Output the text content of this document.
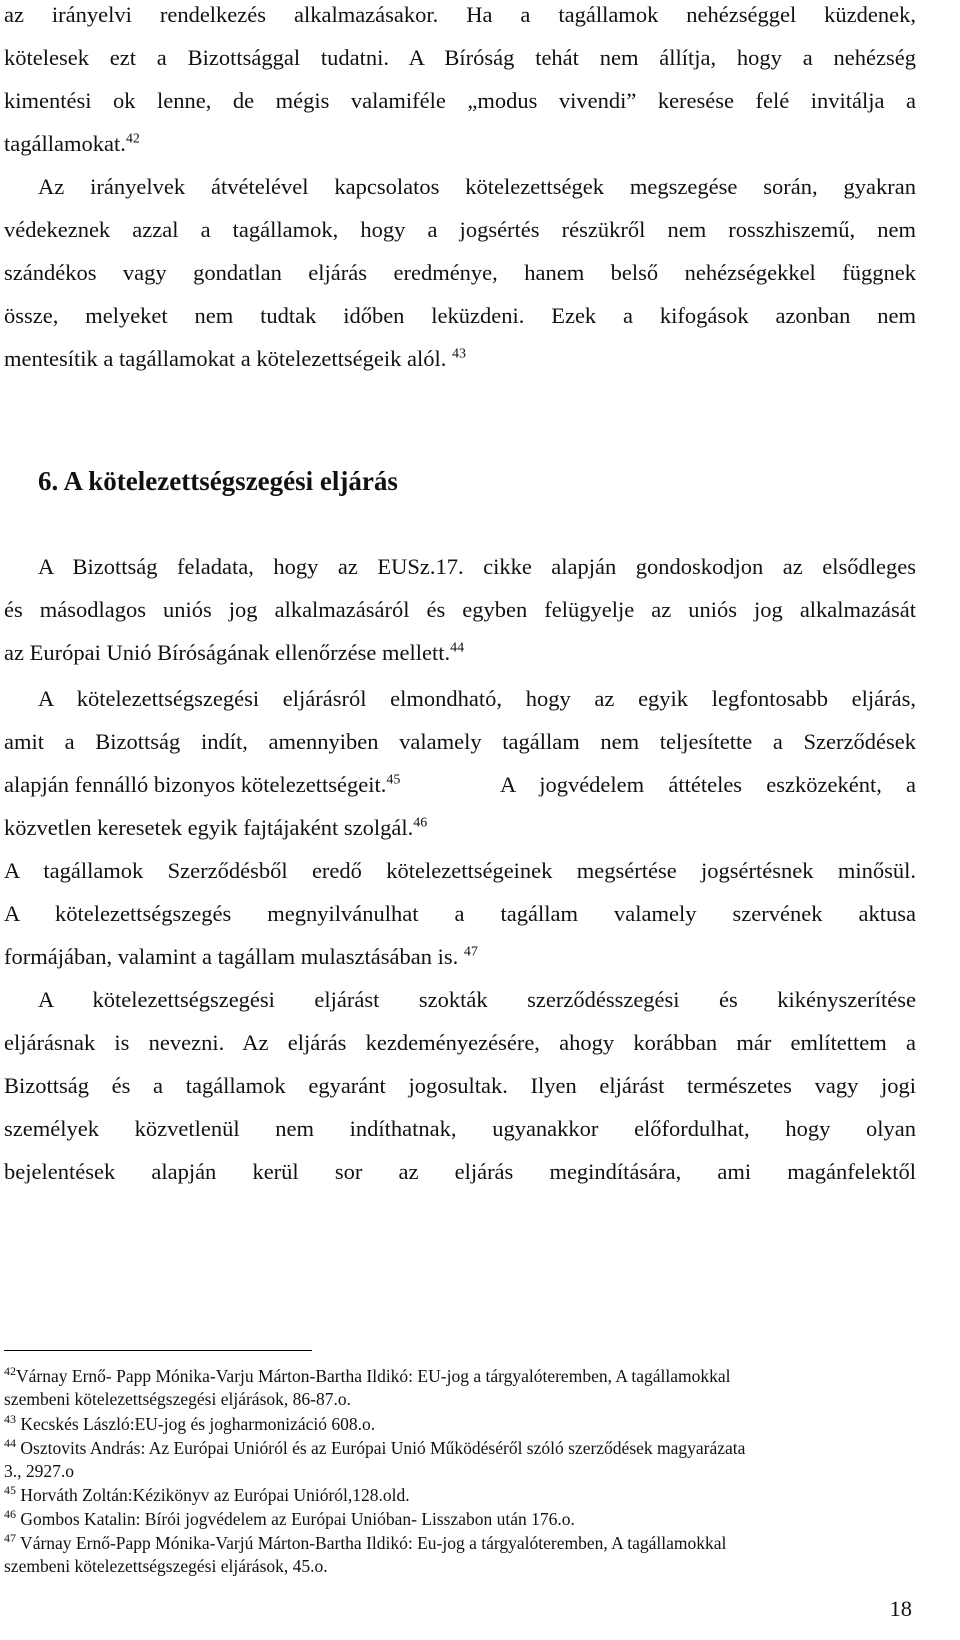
az irányelvi rendelkezés alkalmazásakor. Ha a tagállamok nehézséggel küzdenek,
kötelesek ezt a Bizottsággal tudatni. A Bíróság tehát nem állítja, hogy a nehézség
kimentési ok lenne, de mégis valamiféle „modus vivendi” keresése felé invitálja a
tagállamokat.$^{42}$
Az irányelvek átvételével kapcsolatos kötelezettségek megszegése során, gyakran
védekeznek azzal a tagállamok, hogy a jogsértés részükről nem rosszhiszemű, nem
szándékos vagy gondatlan eljárás eredménye, hanem belső nehézségekkel függnek
össze, melyeket nem tudtak időben leküzdeni. Ezek a kifogások azonban nem
mentesítik a tagállamokat a kötelezettségeik alól. $^{43}$
6. A kötelezettségszegési eljárás
A Bizottság feladata, hogy az EUSz.17. cikke alapján gondoskodjon az elsődleges
és másodlagos uniós jog alkalmazásáról és egyben felügyelje az uniós jog alkalmazását
az Európai Unió Bíróságának ellenőrzése mellett.$^{44}$
A kötelezettségszegési eljárásról elmondható, hogy az egyik legfontosabb eljárás,
amit a Bizottság indít, amennyiben valamely tagállam nem teljesítette a Szerződések
alapján fennálló bizonyos kötelezettségeit.$^{45}$	A jogvédelem áttételes eszközeként, a
közvetlen keresetek egyik fajtájaként szolgál.$^{46}$
A tagállamok Szerződésből eredő kötelezettségeinek megsértése jogsértésnek minősül.
A kötelezettségszegés megnyilvánulhat a tagállam valamely szervének aktusa
formájában, valamint a tagállam mulasztásában is. $^{47}$
A kötelezettségszegési eljárást szokták szerződésszegési és kikényszerítése
eljárásnak is nevezni. Az eljárás kezdeményezésére, ahogy korábban már említettem a
Bizottság és a tagállamok egyaránt jogosultak. Ilyen eljárást természetes vagy jogi
személyek közvetlenül nem indíthatnak, ugyanakkor előfordulhat, hogy olyan
bejelentések alapján kerül sor az eljárás megindítására, ami magánfelektől
$^{42}$Várnay Ernő- Papp Mónika-Varju Márton-Bartha Ildikó: EU-jog a tárgyalóteremben, A tagállamokkal
szembeni kötelezettségszegési eljárások, 86-87.o.
$^{43}$ Kecskés László:EU-jog és jogharmonizáció 608.o.
$^{44}$ Osztovits András: Az Európai Unióról és az Európai Unió Működéséről szóló szerződések magyarázata
3., 2927.o
$^{45}$ Horváth Zoltán:Kézikönyv az Európai Unióról,128.old.
$^{46}$ Gombos Katalin: Bírói jogvédelem az Európai Unióban- Lisszabon után 176.o.
$^{47}$ Várnay Ernő-Papp Mónika-Varjú Márton-Bartha Ildikó: Eu-jog a tárgyalóteremben, A tagállamokkal
szembeni kötelezettségszegési eljárások, 45.o.
18
